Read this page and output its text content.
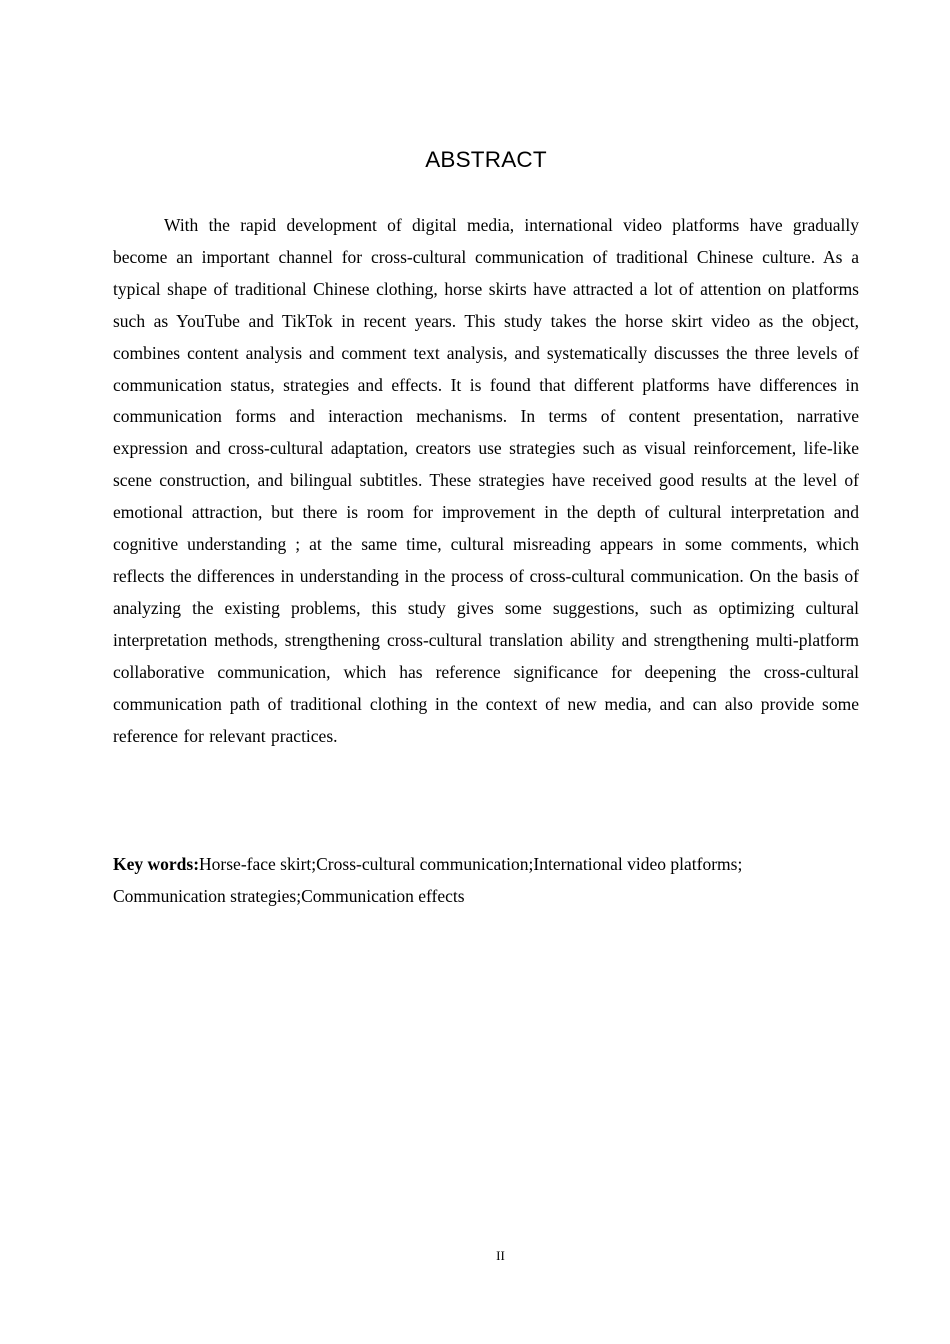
ABSTRACT

With the rapid development of digital media, international video platforms have gradually become an important channel for cross-cultural communication of traditional Chinese culture. As a typical shape of traditional Chinese clothing, horse skirts have attracted a lot of attention on platforms such as YouTube and TikTok in recent years. This study takes the horse skirt video as the object, combines content analysis and comment text analysis, and systematically discusses the three levels of communication status, strategies and effects. It is found that different platforms have differences in communication forms and interaction mechanisms. In terms of content presentation, narrative expression and cross-cultural adaptation, creators use strategies such as visual reinforcement, life-like scene construction, and bilingual subtitles. These strategies have received good results at the level of emotional attraction, but there is room for improvement in the depth of cultural interpretation and cognitive understanding ; at the same time, cultural misreading appears in some comments, which reflects the differences in understanding in the process of cross-cultural communication. On the basis of analyzing the existing problems, this study gives some suggestions, such as optimizing cultural interpretation methods, strengthening cross-cultural translation ability and strengthening multi-platform collaborative communication, which has reference significance for deepening the cross-cultural communication path of traditional clothing in the context of new media, and can also provide some reference for relevant practices.

Key words:Horse-face skirt;Cross-cultural communication;International video platforms; Communication strategies;Communication effects

II
